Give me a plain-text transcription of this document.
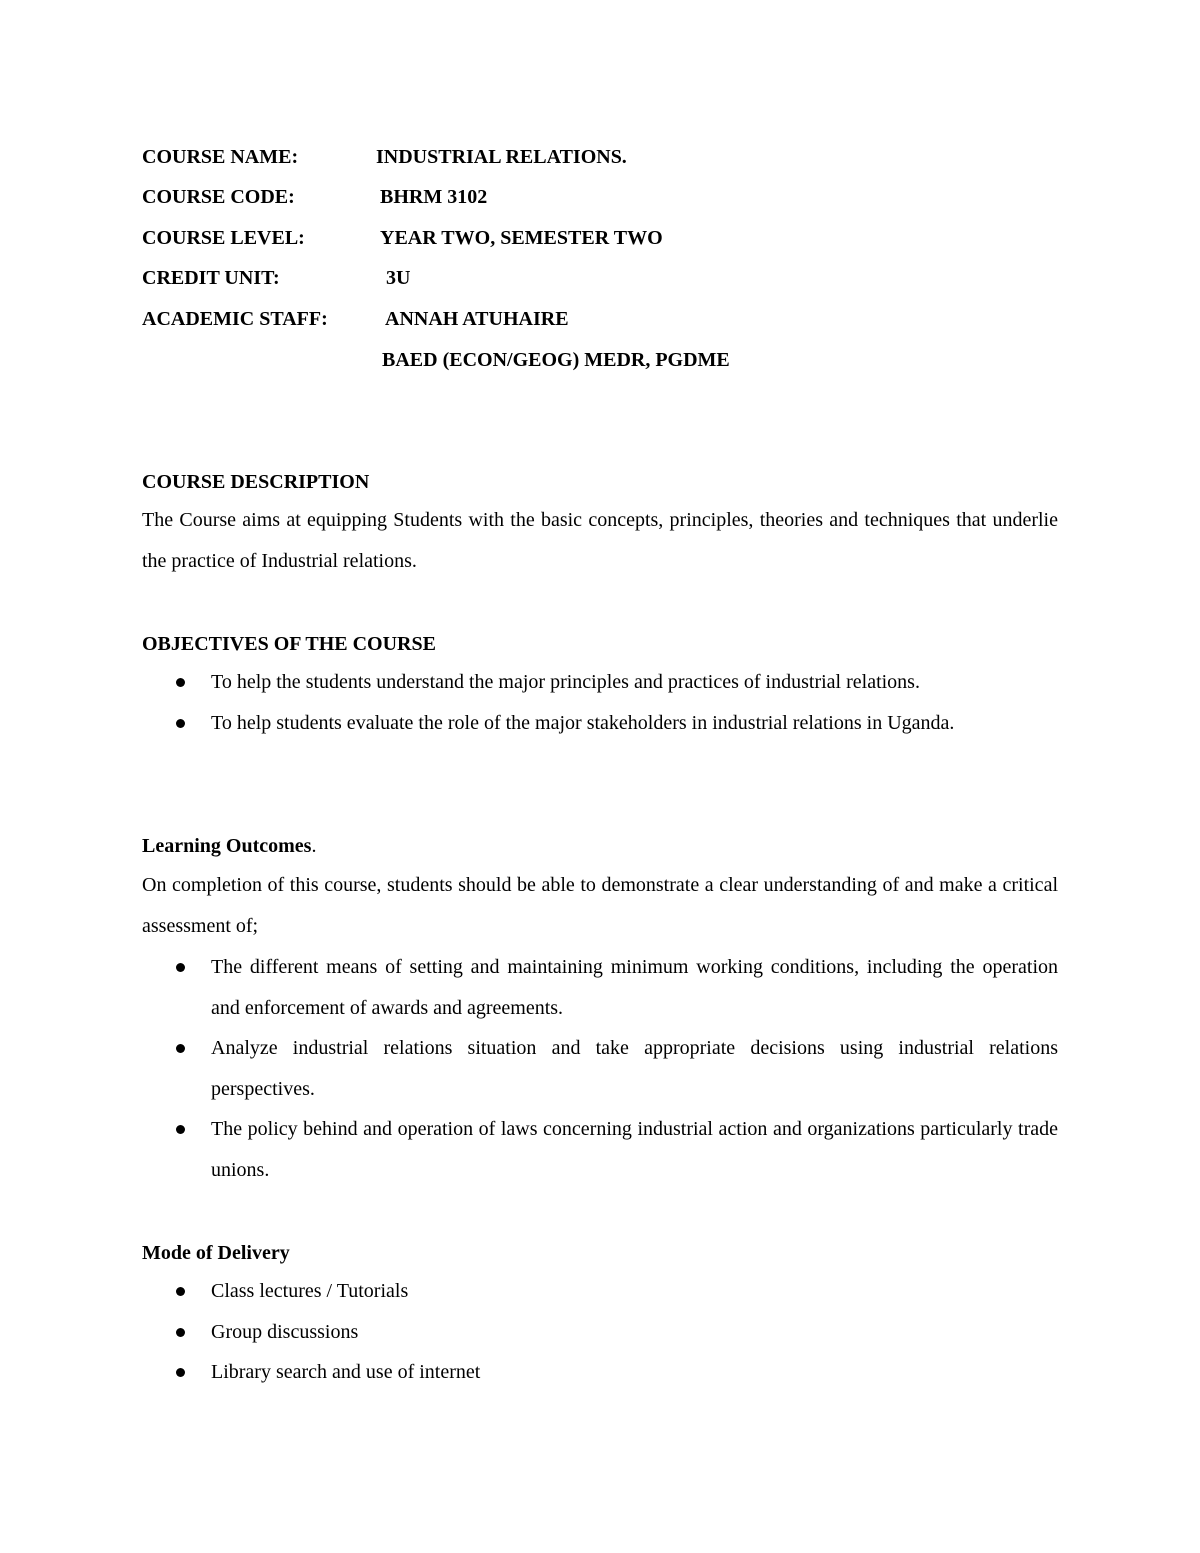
COURSE NAME:	INDUSTRIAL RELATIONS.
COURSE CODE:	BHRM 3102
COURSE LEVEL:	YEAR TWO, SEMESTER TWO
CREDIT UNIT:	3U
ACADEMIC STAFF:	ANNAH ATUHAIRE
BAED (ECON/GEOG) MEDR, PGDME
COURSE DESCRIPTION
The Course aims at equipping Students with the basic concepts, principles, theories and techniques that underlie the practice of Industrial relations.
OBJECTIVES OF THE COURSE
To help the students understand the major principles and practices of industrial relations.
To help students evaluate the role of the major stakeholders in industrial relations in Uganda.
Learning Outcomes.
On completion of this course, students should be able to demonstrate a clear understanding of and make a critical assessment of;
The different means of setting and maintaining minimum working conditions, including the operation and enforcement of awards and agreements.
Analyze industrial relations situation and take appropriate decisions using industrial relations perspectives.
The policy behind and operation of laws concerning industrial action and organizations particularly trade unions.
Mode of Delivery
Class lectures / Tutorials
Group discussions
Library search and use of internet
